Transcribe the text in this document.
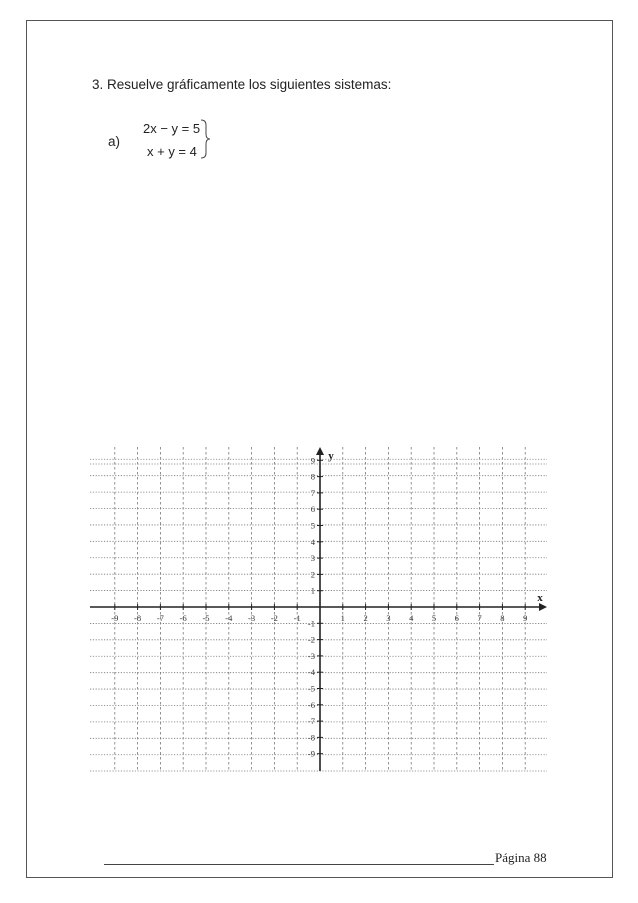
3. Resuelve gráficamente los siguientes sistemas:
a)
2x − y = 5
x + y = 4
-9 -8 -7 -6 -5 -4 -3 -2 -1	1 2 3 4 5 6 7 8 9
9
8
7
6
5
4
3
2
1
-1
-2
-3
-4
-5
-6
-7
-8
-9
x
y
Página 88
